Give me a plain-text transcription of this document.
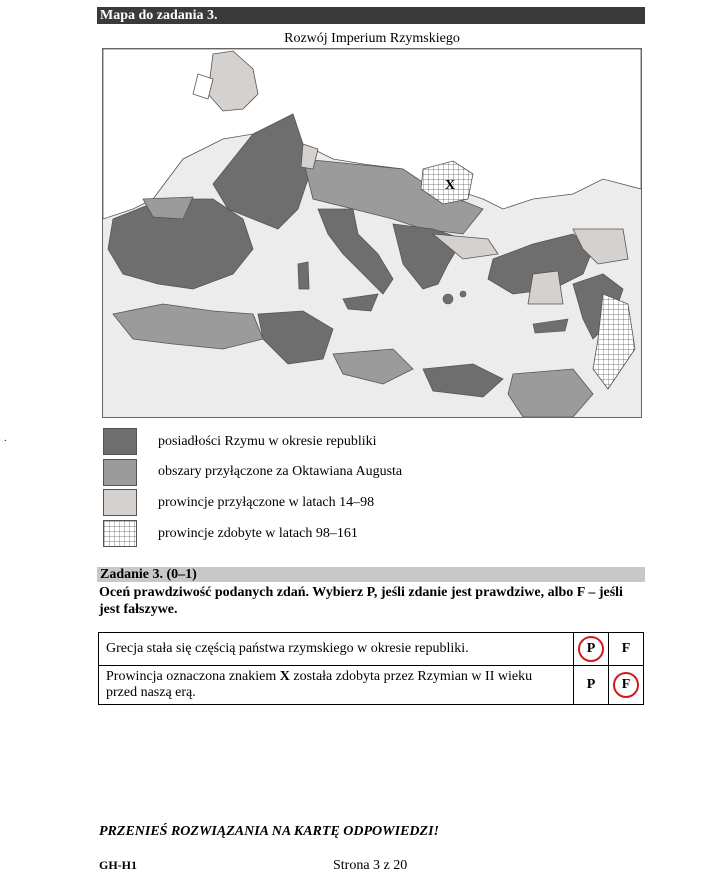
Mapa do zadania 3.
Rozwój Imperium Rzymskiego
X
posiadłości Rzymu w okresie republiki
obszary przyłączone za Oktawiana Augusta
prowincje przyłączone w latach 14–98
prowincje zdobyte w latach 98–161
.
Zadanie 3. (0–1)
Oceń prawdziwość podanych zdań. Wybierz P, jeśli zdanie jest prawdziwe, albo F – jeśli jest fałszywe.
Grecja stała się częścią państwa rzymskiego w okresie republiki.	P	F
Prowincja oznaczona znakiem X została zdobyta przez Rzymian w II wieku przed naszą erą.	P	F
PRZENIEŚ ROZWIĄZANIA NA KARTĘ ODPOWIEDZI!
GH-H1	Strona 3 z 20
